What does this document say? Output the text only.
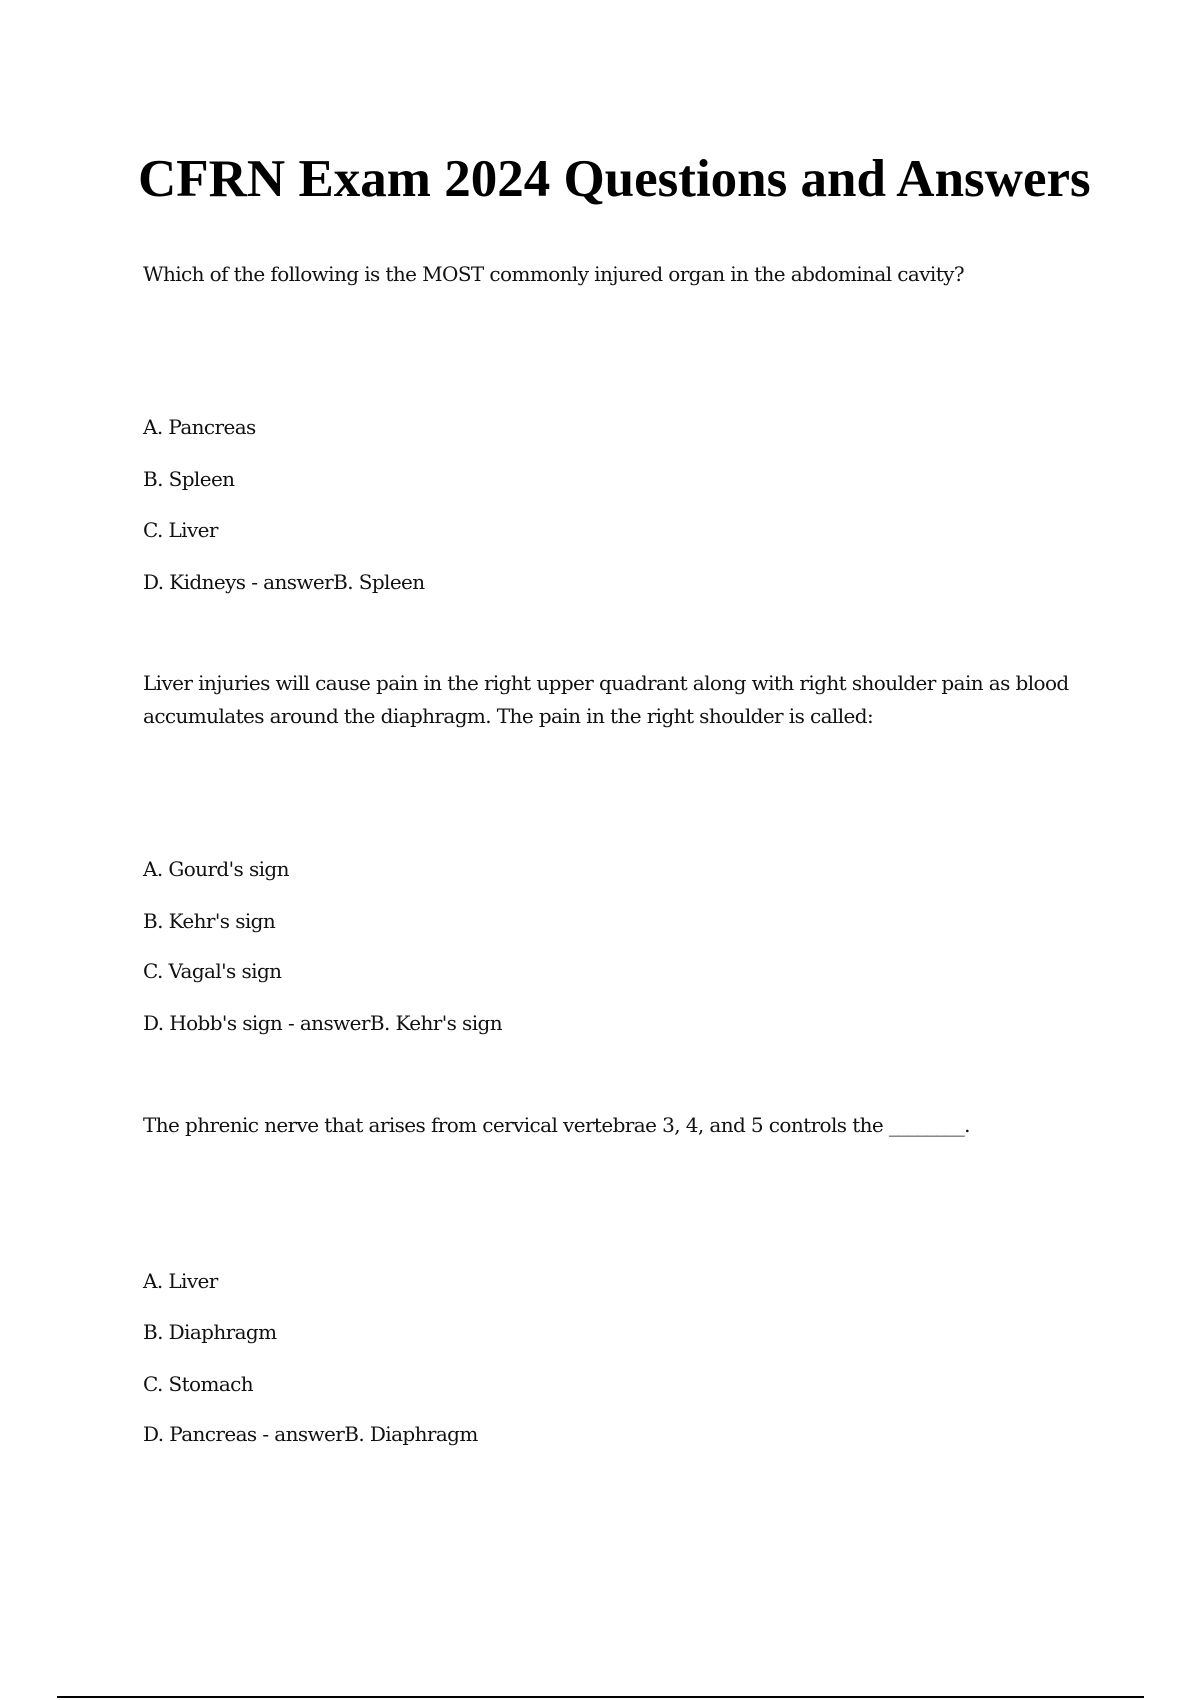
CFRN Exam 2024 Questions and Answers

Which of the following is the MOST commonly injured organ in the abdominal cavity?

A. Pancreas

B. Spleen

C. Liver

D. Kidneys - answerB. Spleen

Liver injuries will cause pain in the right upper quadrant along with right shoulder pain as blood accumulates around the diaphragm. The pain in the right shoulder is called:

A. Gourd's sign

B. Kehr's sign

C. Vagal's sign

D. Hobb's sign - answerB. Kehr's sign

The phrenic nerve that arises from cervical vertebrae 3, 4, and 5 controls the ________.

A. Liver

B. Diaphragm

C. Stomach

D. Pancreas - answerB. Diaphragm
